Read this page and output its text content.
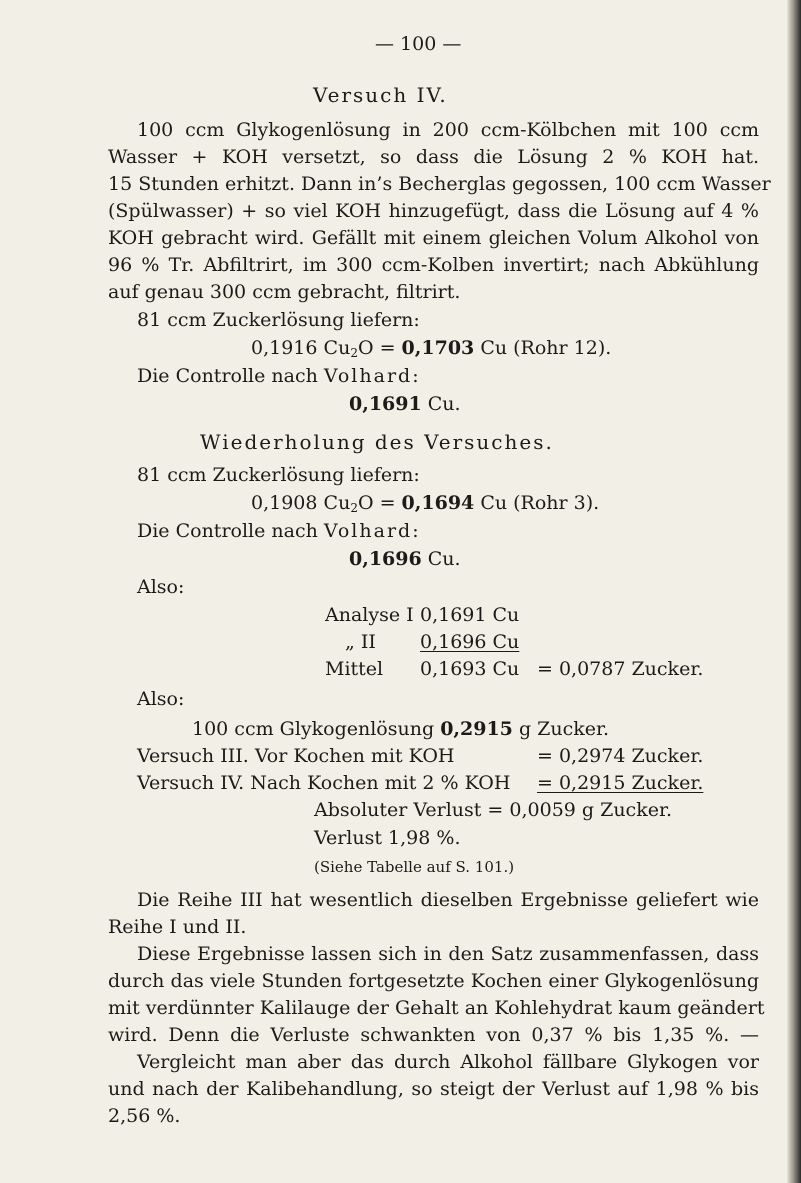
— 100 —
Versuch IV.
100 ccm Glykogenlösung in 200 ccm-Kölbchen mit 100 ccm
Wasser + KOH versetzt, so dass die Lösung 2 % KOH hat.
15 Stunden erhitzt. Dann in’s Becherglas gegossen, 100 ccm Wasser
(Spülwasser) + so viel KOH hinzugefügt, dass die Lösung auf 4 %
KOH gebracht wird. Gefällt mit einem gleichen Volum Alkohol von
96 % Tr. Abfiltrirt, im 300 ccm-Kolben invertirt; nach Abkühlung
auf genau 300 ccm gebracht, filtrirt.
81 ccm Zuckerlösung liefern:
0,1916 $Cu_2O = 0,1703$ Cu (Rohr 12).
Die Controlle nach Volhard:
0,1691 Cu.
Wiederholung des Versuches.
81 ccm Zuckerlösung liefern:
0,1908 $Cu_2O = 0,1694$ Cu (Rohr 3).
Die Controlle nach Volhard:
0,1696 Cu.
Also:
Analyse I 0,1691 Cu
„ II 0,1696 Cu
Mittel 0,1693 Cu = 0,0787 Zucker.
Also:
100 ccm Glykogenlösung 0,2915 g Zucker.
Versuch III. Vor Kochen mit KOH	= 0,2974 Zucker.
Versuch IV. Nach Kochen mit 2 % KOH = 0,2915 Zucker.
Absoluter Verlust = 0,0059 g Zucker.
Verlust 1,98 %.
(Siehe Tabelle auf S. 101.)
Die Reihe III hat wesentlich dieselben Ergebnisse geliefert wie
Reihe I und II.
Diese Ergebnisse lassen sich in den Satz zusammenfassen, dass
durch das viele Stunden fortgesetzte Kochen einer Glykogenlösung
mit verdünnter Kalilauge der Gehalt an Kohlehydrat kaum geändert
wird. Denn die Verluste schwankten von 0,37 % bis 1,35 %. —
Vergleicht man aber das durch Alkohol fällbare Glykogen vor
und nach der Kalibehandlung, so steigt der Verlust auf 1,98 % bis
2,56 %.
